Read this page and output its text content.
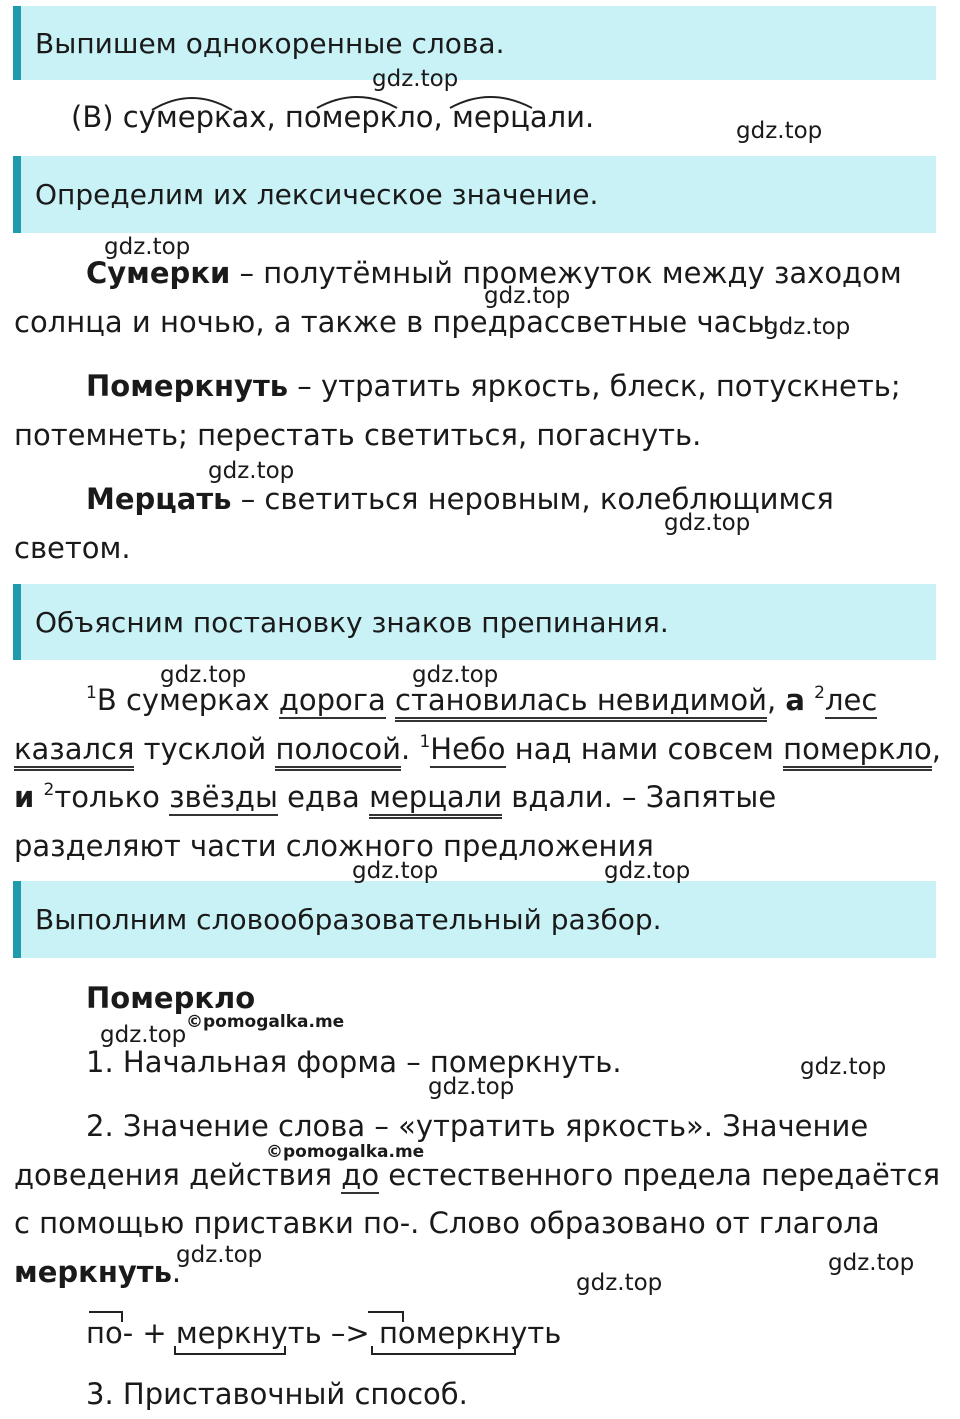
Выпишем однокоренные слова.
Определим их лексическое значение.
Объясним постановку знаков препинания.
Выполним словообразовательный разбор.
(В) сумерках, померкло, мерцали.
Сумерки – полутёмный промежуток между заходом солнца и ночью, а также в предрассветные часы.
Померкнуть – утратить яркость, блеск, потускнеть; потемнеть; перестать светиться, погаснуть.
Мерцать – светиться неровным, колеблющимся светом.
$^1$В сумерках дорога становилась невидимой, а $^2$лес казался тусклой полосой. $^1$Небо над нами совсем померкло, и $^2$только звёзды едва мерцали вдали. – Запятые разделяют части сложного предложения
Померкло
1. Начальная форма – померкнуть.
2. Значение слова – «утратить яркость». Значение доведения действия до естественного предела передаётся с помощью приставки по-. Слово образовано от глагола меркнуть.
по- + меркнуть –> померкнуть
3. Приставочный способ.
gdz.top
gdz.top
gdz.top
gdz.top
gdz.top
gdz.top
gdz.top
gdz.top	gdz.top
gdz.top	gdz.top
gdz.top ©pomogalka.me
gdz.top
gdz.top
©pomogalka.me
gdz.top	gdz.top
gdz.top
